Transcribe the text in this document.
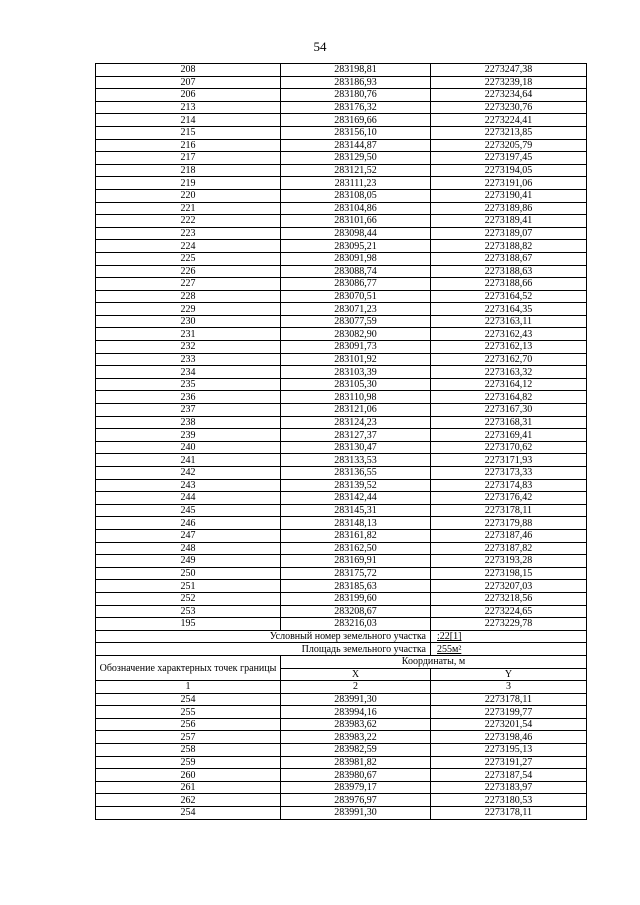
54
208	283198,81	2273247,38
207	283186,93	2273239,18
206	283180,76	2273234,64
213	283176,32	2273230,76
214	283169,66	2273224,41
215	283156,10	2273213,85
216	283144,87	2273205,79
217	283129,50	2273197,45
218	283121,52	2273194,05
219	283111,23	2273191,06
220	283108,05	2273190,41
221	283104,86	2273189,86
222	283101,66	2273189,41
223	283098,44	2273189,07
224	283095,21	2273188,82
225	283091,98	2273188,67
226	283088,74	2273188,63
227	283086,77	2273188,66
228	283070,51	2273164,52
229	283071,23	2273164,35
230	283077,59	2273163,11
231	283082,90	2273162,43
232	283091,73	2273162,13
233	283101,92	2273162,70
234	283103,39	2273163,32
235	283105,30	2273164,12
236	283110,98	2273164,82
237	283121,06	2273167,30
238	283124,23	2273168,31
239	283127,37	2273169,41
240	283130,47	2273170,62
241	283133,53	2273171,93
242	283136,55	2273173,33
243	283139,52	2273174,83
244	283142,44	2273176,42
245	283145,31	2273178,11
246	283148,13	2273179,88
247	283161,82	2273187,46
248	283162,50	2273187,82
249	283169,91	2273193,28
250	283175,72	2273198,15
251	283185,63	2273207,03
252	283199,60	2273218,56
253	283208,67	2273224,65
195	283216,03	2273229,78
Условный номер земельного участка		:22[1]
Площадь земельного участка		255м²
Обозначение характерных точек границы	Координаты, м	
	X	Y
1	2	3
254	283991,30	2273178,11
255	283994,16	2273199,77
256	283983,62	2273201,54
257	283983,22	2273198,46
258	283982,59	2273195,13
259	283981,82	2273191,27
260	283980,67	2273187,54
261	283979,17	2273183,97
262	283976,97	2273180,53
254	283991,30	2273178,11
